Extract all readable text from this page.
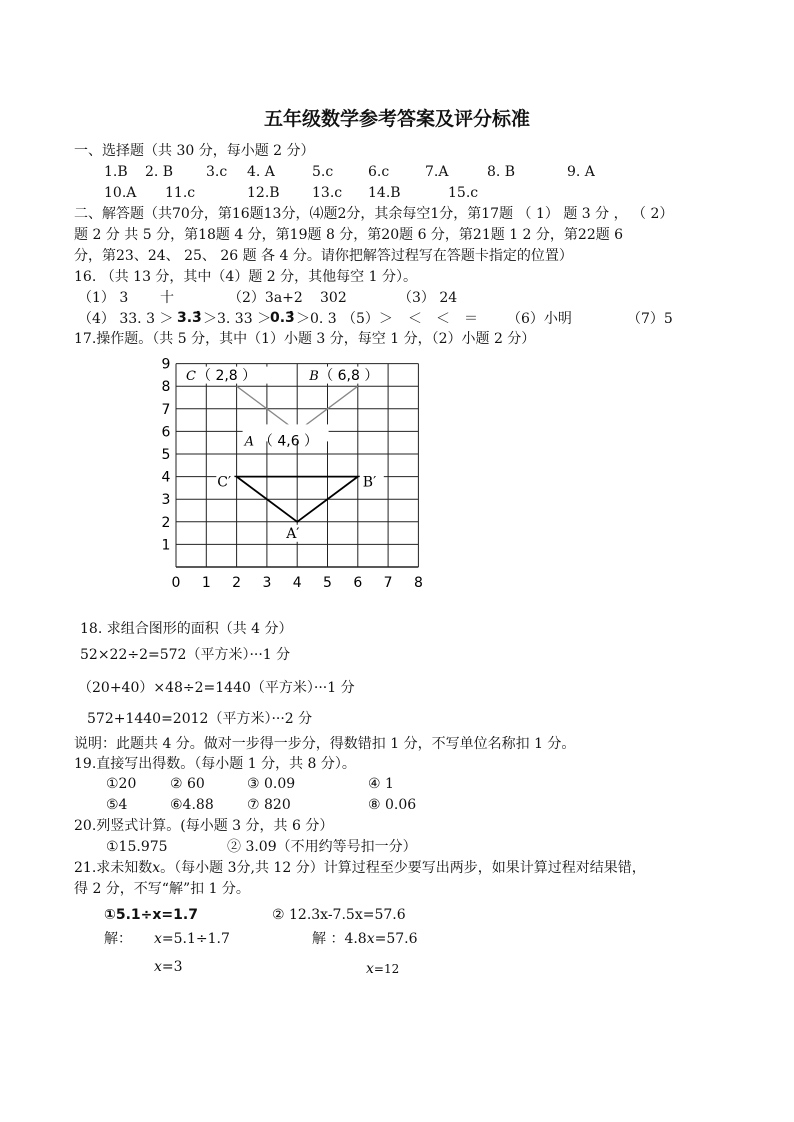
五年级数学参考答案及评分标准
一、选择题（共 30 分，每小题 2 分）
1.B 2. B 3.c 4. A	5.c 6.c	7.A	8. B	9. A
10.A 11.c	12.B 13.c 14.B	15.c
二、解答题（共70分，第16题13分，⑷题2分，其余每空1分，第17题 （ 1） 题 3 分 ， （ 2）
题 2 分 共 5 分，第18题 4 分，第19题 8 分，第20题 6 分，第21题 1 2 分，第22题 6
分，第23、24、 25、 26 题 各 4 分。请你把解答过程写在答题卡指定的位置）
16. （共 13 分，其中（4）题 2 分，其他每空 1 分）。
（1） 3 十	（2）3a+2 302	（3） 24
（4） 33. 3 ＞ 3.3̇ ＞3. 33 ＞
0.3̇ ＞0. 3 （5）＞ ＜ ＜ ＝ （6）小明	（7）5
17.操作题。（共 5 分，其中（1）小题 3 分，每空 1 分，（2）小题 2 分）
9
8
7
6
5
4
3
2
1
0 1 2 3 4 5 6 7 8
C （ 2,8 ）	B （ 6,8 ）
A （ 4,6 ）
C′	B′
A′
18. 求组合图形的面积（共 4 分）
52×22÷2=572（平方米）···1 分
（20+40）×48÷2=1440（平方米）···1 分
572+1440=2012（平方米）···2 分
说明：此题共 4 分。做对一步得一步分，得数错扣 1 分，不写单位名称扣 1 分。
19.直接写出得数。（每小题 1 分，共 8 分）。
①20 ② 60	③ 0.09	④ 1
⑤4	⑥4.88 ⑦ 820	⑧ 0.06
20.列竖式计算。(每小题 3 分，共 6 分）
①15.975	② 3.09（不用约等号扣一分）
21.求未知数x。（每小题 3分,共 12 分）计算过程至少要写出两步，如果计算过程对结果错，
得 2 分，不写“解”扣 1 分。
①5.1÷x=1.7	② 12.3x-7.5x=57.6
解： x=5.1÷1.7	解 ：4.8x=57.6
x=3	x=12
